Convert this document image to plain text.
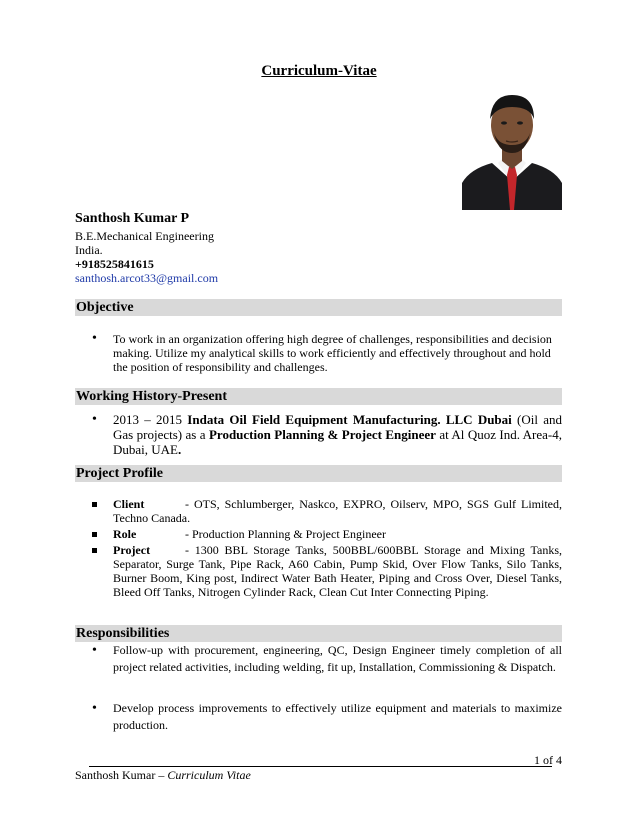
Curriculum-Vitae
Santhosh Kumar P
B.E.Mechanical Engineering
India.
+918525841615
santhosh.arcot33@gmail.com
Objective
• To work in an organization offering high degree of challenges, responsibilities and decision making. Utilize my analytical skills to work efficiently and effectively throughout and hold the position of responsibility and challenges.
Working History-Present
• 2013 – 2015 Indata Oil Field Equipment Manufacturing. LLC Dubai (Oil and Gas projects) as a Production Planning & Project Engineer at Al Quoz Ind. Area-4, Dubai, UAE.
Project Profile
Client	- OTS, Schlumberger, Naskco, EXPRO, Oilserv, MPO, SGS Gulf Limited, Techno Canada.
Role	- Production Planning & Project Engineer
Project	- 1300 BBL Storage Tanks, 500BBL/600BBL Storage and Mixing Tanks, Separator, Surge Tank, Pipe Rack, A60 Cabin, Pump Skid, Over Flow Tanks, Silo Tanks, Burner Boom, King post, Indirect Water Bath Heater, Piping and Cross Over, Diesel Tanks, Bleed Off Tanks, Nitrogen Cylinder Rack, Clean Cut Inter Connecting Piping.
Responsibilities
• Follow-up with procurement, engineering, QC, Design Engineer timely completion of all project related activities, including welding, fit up, Installation, Commissioning & Dispatch.
• Develop process improvements to effectively utilize equipment and materials to maximize production.
1 of 4
Santhosh Kumar – Curriculum Vitae
